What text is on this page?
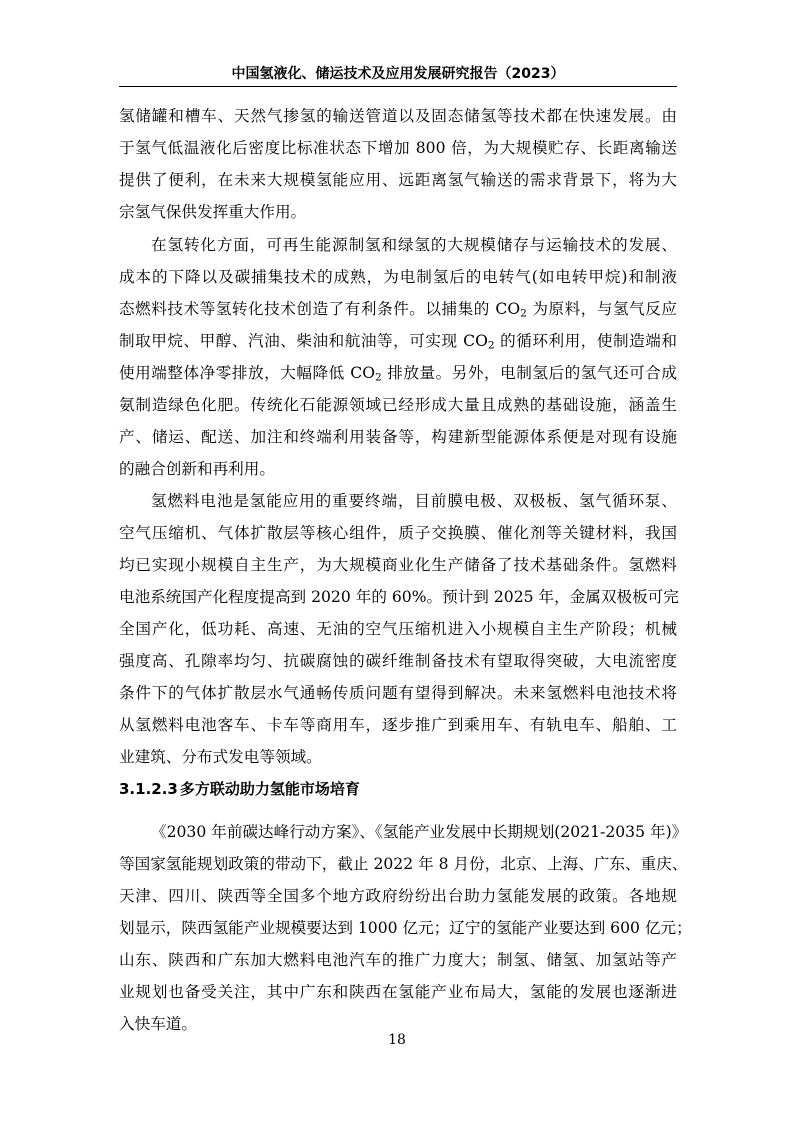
中国氢液化、储运技术及应用发展研究报告（2023）
氢储罐和槽车、天然气掺氢的输送管道以及固态储氢等技术都在快速发展。由
于氢气低温液化后密度比标准状态下增加 800 倍，为大规模贮存、长距离输送
提供了便利，在未来大规模氢能应用、远距离氢气输送的需求背景下，将为大
宗氢气保供发挥重大作用。
在氢转化方面，可再生能源制氢和绿氢的大规模储存与运输技术的发展、
成本的下降以及碳捕集技术的成熟，为电制氢后的电转气(如电转甲烷)和制液
态燃料技术等氢转化技术创造了有利条件。以捕集的 $CO_2$ 为原料，与氢气反应
制取甲烷、甲醇、汽油、柴油和航油等，可实现 $CO_2$ 的循环利用，使制造端和
使用端整体净零排放，大幅降低 $CO_2$ 排放量。另外，电制氢后的氢气还可合成
氨制造绿色化肥。传统化石能源领域已经形成大量且成熟的基础设施，涵盖生
产、储运、配送、加注和终端利用装备等，构建新型能源体系便是对现有设施
的融合创新和再利用。
氢燃料电池是氢能应用的重要终端，目前膜电极、双极板、氢气循环泵、
空气压缩机、气体扩散层等核心组件，质子交换膜、催化剂等关键材料，我国
均已实现小规模自主生产，为大规模商业化生产储备了技术基础条件。氢燃料
电池系统国产化程度提高到 2020 年的 60%。预计到 2025 年，金属双极板可完
全国产化，低功耗、高速、无油的空气压缩机进入小规模自主生产阶段；机械
强度高、孔隙率均匀、抗碳腐蚀的碳纤维制备技术有望取得突破，大电流密度
条件下的气体扩散层水气通畅传质问题有望得到解决。未来氢燃料电池技术将
从氢燃料电池客车、卡车等商用车，逐步推广到乘用车、有轨电车、船舶、工
业建筑、分布式发电等领域。
3.1.2.3 多方联动助力氢能市场培育
《2030 年前碳达峰行动方案》、《氢能产业发展中长期规划(2021-2035 年)》
等国家氢能规划政策的带动下，截止 2022 年 8 月份，北京、上海、广东、重庆、
天津、四川、陕西等全国多个地方政府纷纷出台助力氢能发展的政策。各地规
划显示，陕西氢能产业规模要达到 1000 亿元；辽宁的氢能产业要达到 600 亿元；
山东、陕西和广东加大燃料电池汽车的推广力度大；制氢、储氢、加氢站等产
业规划也备受关注，其中广东和陕西在氢能产业布局大，氢能的发展也逐渐进
入快车道。
18
